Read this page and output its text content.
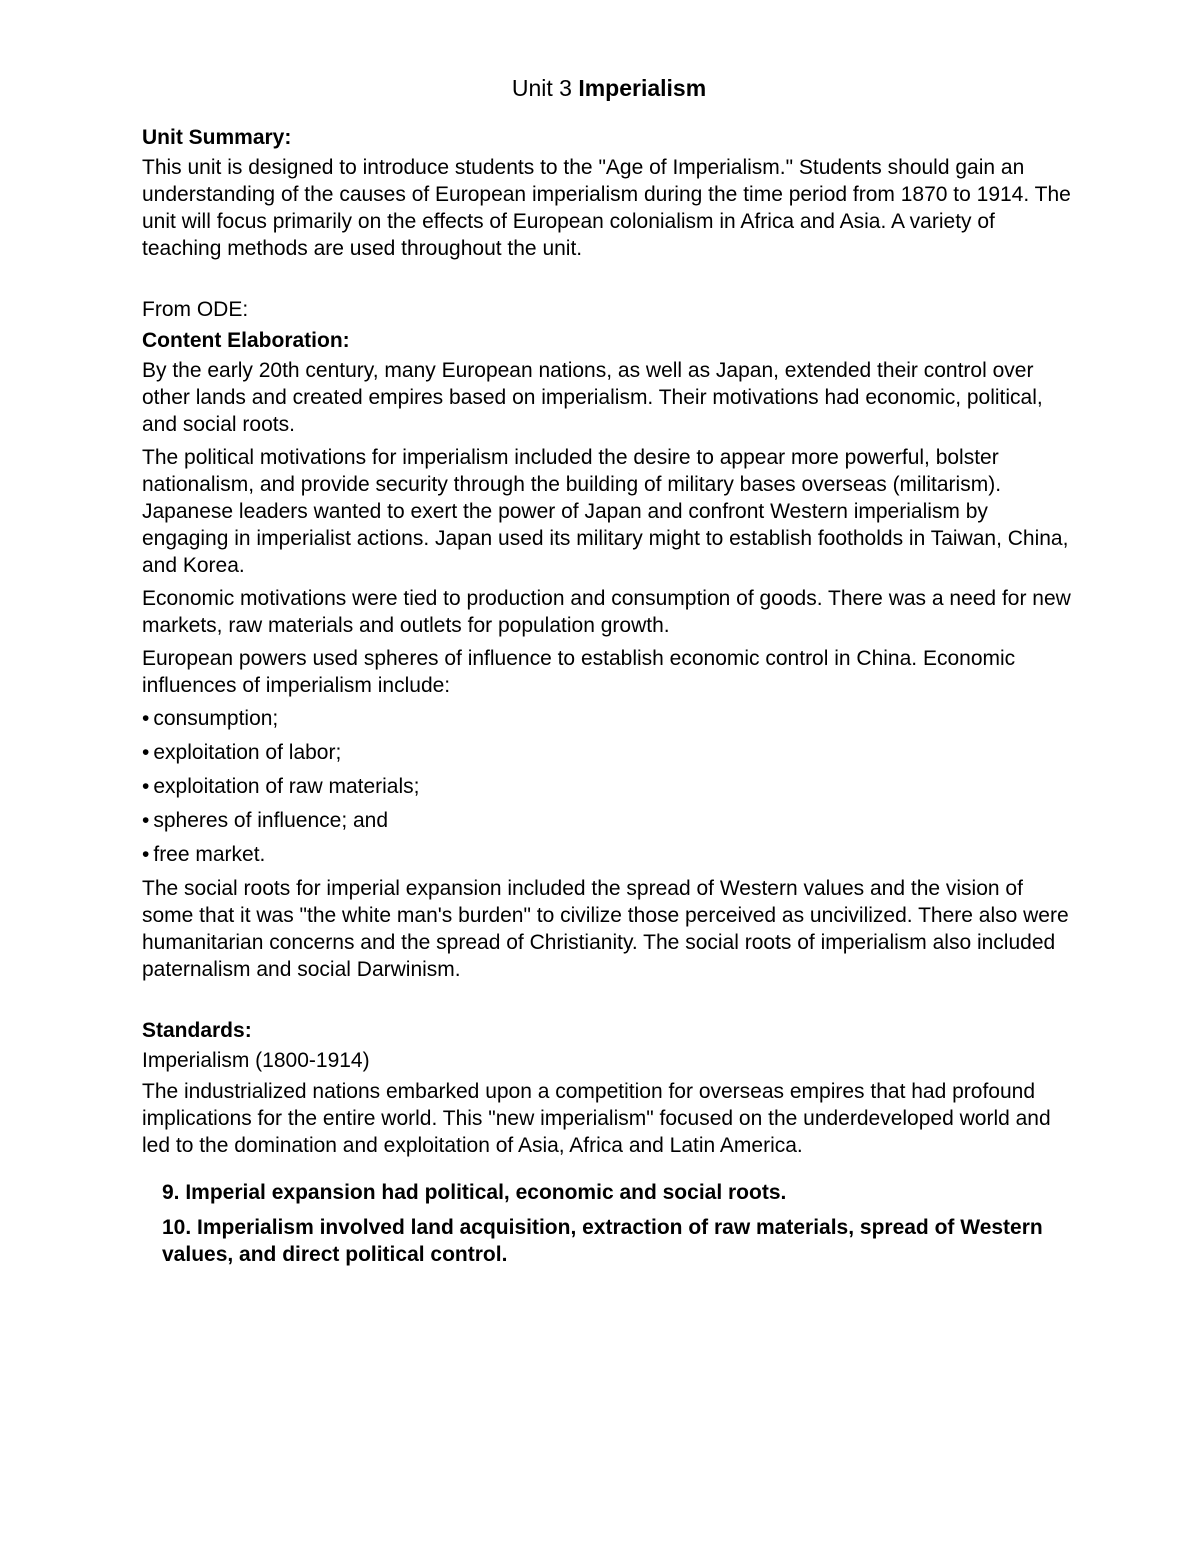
Unit 3 Imperialism
Unit Summary:

This unit is designed to introduce students to the "Age of Imperialism." Students should gain an understanding of the causes of European imperialism during the time period from 1870 to 1914. The unit will focus primarily on the effects of European colonialism in Africa and Asia. A variety of teaching methods are used throughout the unit.

From ODE:

Content Elaboration:

By the early 20th century, many European nations, as well as Japan, extended their control over other lands and created empires based on imperialism. Their motivations had economic, political, and social roots.

The political motivations for imperialism included the desire to appear more powerful, bolster nationalism, and provide security through the building of military bases overseas (militarism). Japanese leaders wanted to exert the power of Japan and confront Western imperialism by engaging in imperialist actions. Japan used its military might to establish footholds in Taiwan, China, and Korea.

Economic motivations were tied to production and consumption of goods. There was a need for new markets, raw materials and outlets for population growth.

European powers used spheres of influence to establish economic control in China. Economic influences of imperialism include:

• consumption;
• exploitation of labor;
• exploitation of raw materials;
• spheres of influence; and
• free market.

The social roots for imperial expansion included the spread of Western values and the vision of some that it was "the white man's burden" to civilize those perceived as uncivilized. There also were humanitarian concerns and the spread of Christianity. The social roots of imperialism also included paternalism and social Darwinism.

Standards:

Imperialism (1800-1914)

The industrialized nations embarked upon a competition for overseas empires that had profound implications for the entire world. This "new imperialism" focused on the underdeveloped world and led to the domination and exploitation of Asia, Africa and Latin America.

9. Imperial expansion had political, economic and social roots.

10. Imperialism involved land acquisition, extraction of raw materials, spread of Western values, and direct political control.
